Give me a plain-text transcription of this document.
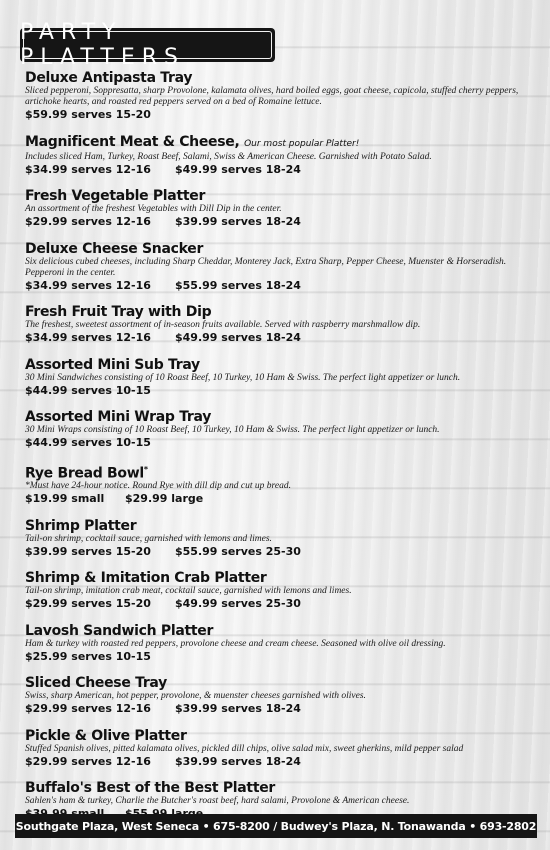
PARTY PLATTERS
Deluxe Antipasta Tray
Sliced pepperoni, Soppresatta, sharp Provolone, kalamata olives, hard boiled eggs, goat cheese, capicola, stuffed cherry peppers, artichoke hearts, and roasted red peppers served on a bed of Romaine lettuce.
$59.99 serves 15-20
Magnificent Meat & Cheese, Our most popular Platter!
Includes sliced Ham, Turkey, Roast Beef, Salami, Swiss & American Cheese. Garnished with Potato Salad.
$34.99 serves 12-16	$49.99 serves 18-24
Fresh Vegetable Platter
An assortment of the freshest Vegetables with Dill Dip in the center.
$29.99 serves 12-16	$39.99 serves 18-24
Deluxe Cheese Snacker
Six delicious cubed cheeses, including Sharp Cheddar, Monterey Jack, Extra Sharp, Pepper Cheese, Muenster & Horseradish. Pepperoni in the center.
$34.99 serves 12-16	$55.99 serves 18-24
Fresh Fruit Tray with Dip
The freshest, sweetest assortment of in-season fruits available. Served with raspberry marshmallow dip.
$34.99 serves 12-16	$49.99 serves 18-24
Assorted Mini Sub Tray
30 Mini Sandwiches consisting of 10 Roast Beef, 10 Turkey, 10 Ham & Swiss. The perfect light appetizer or lunch.
$44.99 serves 10-15
Assorted Mini Wrap Tray
30 Mini Wraps consisting of 10 Roast Beef, 10 Turkey, 10 Ham & Swiss. The perfect light appetizer or lunch.
$44.99 serves 10-15
Rye Bread Bowl*
*Must have 24-hour notice. Round Rye with dill dip and cut up bread.
$19.99 small	$29.99 large
Shrimp Platter
Tail-on shrimp, cocktail sauce, garnished with lemons and limes.
$39.99 serves 15-20	$55.99 serves 25-30
Shrimp & Imitation Crab Platter
Tail-on shrimp, imitation crab meat, cocktail sauce, garnished with lemons and limes.
$29.99 serves 15-20	$49.99 serves 25-30
Lavosh Sandwich Platter
Ham & turkey with roasted red peppers, provolone cheese and cream cheese. Seasoned with olive oil dressing.
$25.99 serves 10-15
Sliced Cheese Tray
Swiss, sharp American, hot pepper, provolone, & muenster cheeses garnished with olives.
$29.99 serves 12-16	$39.99 serves 18-24
Pickle & Olive Platter
Stuffed Spanish olives, pitted kalamata olives, pickled dill chips, olive salad mix, sweet gherkins, mild pepper salad
$29.99 serves 12-16	$39.99 serves 18-24
Buffalo's Best of the Best Platter
Sahlen's ham & turkey, Charlie the Butcher's roast beef, hard salami, Provolone & American cheese.
Southgate Plaza, West Seneca • 675-8200 / Budwey's Plaza, N. Tonawanda • 693-2802
